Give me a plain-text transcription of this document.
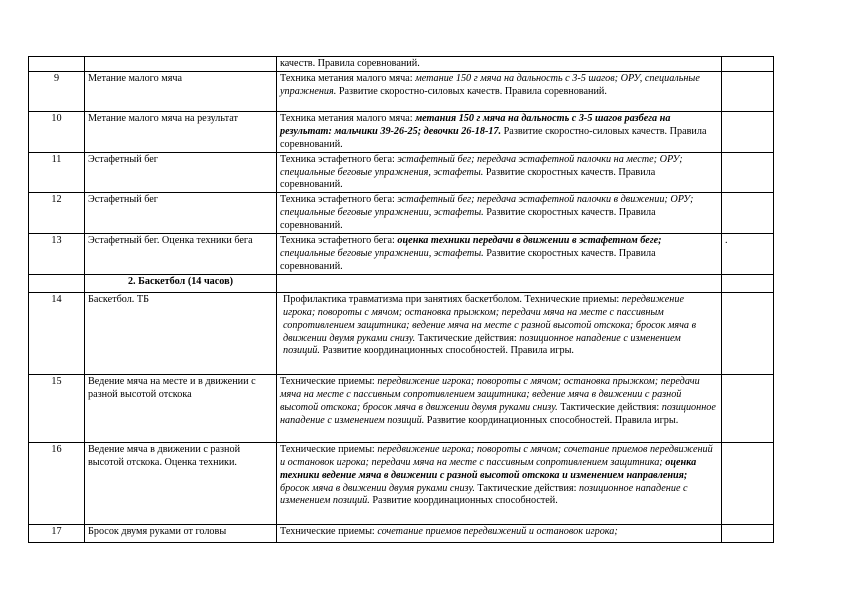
		качеств. Правила соревнований.	
9	Метание малого мяча	Техника метания малого мяча: метание 150 г мяча на дальность с 3-5 шагов; ОРУ, специальные упражнения. Развитие скоростно-силовых качеств. Правила соревнований.	
10	Метание малого мяча на результат	Техника метания малого мяча: метания 150 г мяча на дальность с 3-5 шагов разбега на результат: мальчики 39-26-25; девочки 26-18-17. Развитие скоростно-силовых качеств. Правила соревнований.	
11	Эстафетный бег	Техника эстафетного бега: эстафетный бег; передача эстафетной палочки на месте; ОРУ; специальные беговые упражнения, эстафеты. Развитие скоростных качеств. Правила соревнований.	
12	Эстафетный бег	Техника эстафетного бега: эстафетный бег; передача эстафетной палочки в движении; ОРУ; специальные беговые упражнении, эстафеты. Развитие скоростных качеств. Правила соревнований.	
13	Эстафетный бег. Оценка техники бега	Техника эстафетного бега: оценка техники передачи в движении в эстафетном беге; специальные беговые упражнении, эстафеты. Развитие скоростных качеств. Правила соревнований.	.
	2. Баскетбол (14 часов)		
14	Баскетбол. ТБ	Профилактика травматизма при занятиях баскетболом. Технические приемы: передвижение игрока; повороты с мячом; остановка прыжком; передачи мяча на месте с пассивным сопротивлением защитника; ведение мяча на месте с разной высотой отскока; бросок мяча в движении двумя руками снизу. Тактические действия: позиционное нападение с изменением позиций. Развитие координационных способностей. Правила игры.	
15	Ведение мяча на месте и в движении с разной высотой отскока	Технические приемы: передвижение игрока; повороты с мячом; остановка прыжком; передачи мяча на месте с пассивным сопротивлением защитника; ведение мяча в движении с разной высотой отскока; бросок мяча в движении двумя руками снизу. Тактические действия: позиционное нападение с изменением позиций. Развитие координационных способностей. Правила игры.	
16	Ведение мяча в движении с разной высотой отскока. Оценка техники.	Технические приемы: передвижение игрока; повороты с мячом; сочетание приемов передвижений и остановок игрока; передачи мяча на месте с пассивным сопротивлением защитника; оценка техники ведение мяча в движении с разной высотой отскока и изменением направления; бросок мяча в движении двумя руками снизу. Тактические действия: позиционное нападение с изменением позиций. Развитие координационных способностей.	
17	Бросок двумя руками от головы	Технические приемы: сочетание приемов передвижений и остановок игрока;	
